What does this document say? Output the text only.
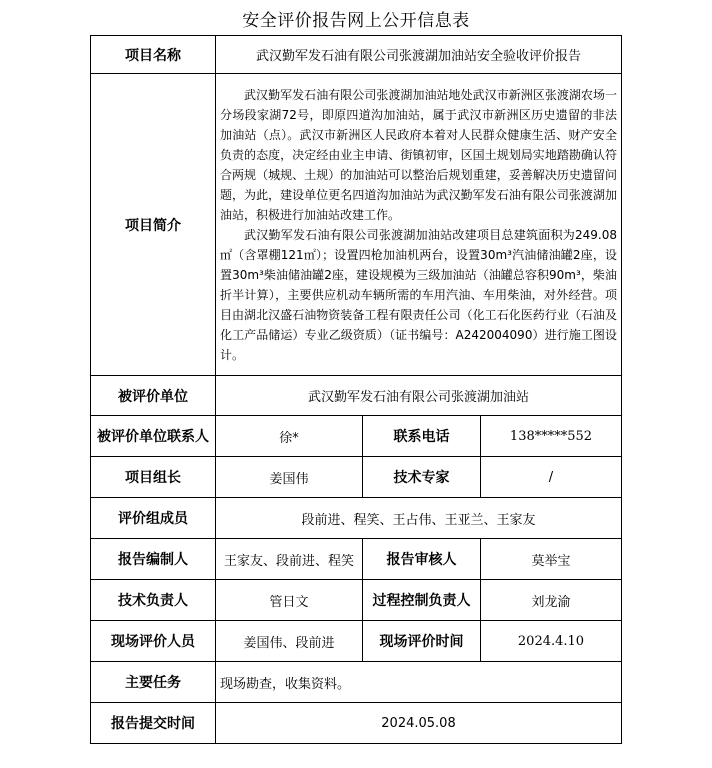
安全评价报告网上公开信息表
项目名称	武汉勤军发石油有限公司张渡湖加油站安全验收评价报告		
项目简介	武汉勤军发石油有限公司张渡湖加油站地处武汉市新洲区张渡湖农场一分场段家湖72号，即原四道沟加油站，属于武汉市新洲区历史遗留的非法加油站（点）。武汉市新洲区人民政府本着对人民群众健康生活、财产安全负责的态度，决定经由业主申请、街镇初审，区国土规划局实地踏勘确认符合两规（城规、土规）的加油站可以整治后规划重建，妥善解决历史遗留问题，为此，建设单位更名四道沟加油站为武汉勤军发石油有限公司张渡湖加油站，积极进行加油站改建工作。

武汉勤军发石油有限公司张渡湖加油站改建项目总建筑面积为249.08㎡（含罩棚121㎡）；设置四枪加油机两台，设置30m³汽油储油罐2座，设置30m³柴油储油罐2座，建设规模为三级加油站（油罐总容积90m³，柴油折半计算），主要供应机动车辆所需的车用汽油、车用柴油，对外经营。项目由湖北汉盛石油物资装备工程有限责任公司（化工石化医药行业（石油及化工产品储运）专业乙级资质）（证书编号：A242004090）进行施工图设计。		

被评价单位	武汉勤军发石油有限公司张渡湖加油站		
被评价单位联系人	徐*	联系电话	138*****552
项目组长	姜国伟	技术专家	/
评价组成员	段前进、程笑、王占伟、王亚兰、王家友		
报告编制人	王家友、段前进、程笑	报告审核人	莫举宝
技术负责人	管日文	过程控制负责人	刘龙渝
现场评价人员	姜国伟、段前进	现场评价时间	2024.4.10
主要任务	现场勘查，收集资料。		
报告提交时间	2024.05.08		
